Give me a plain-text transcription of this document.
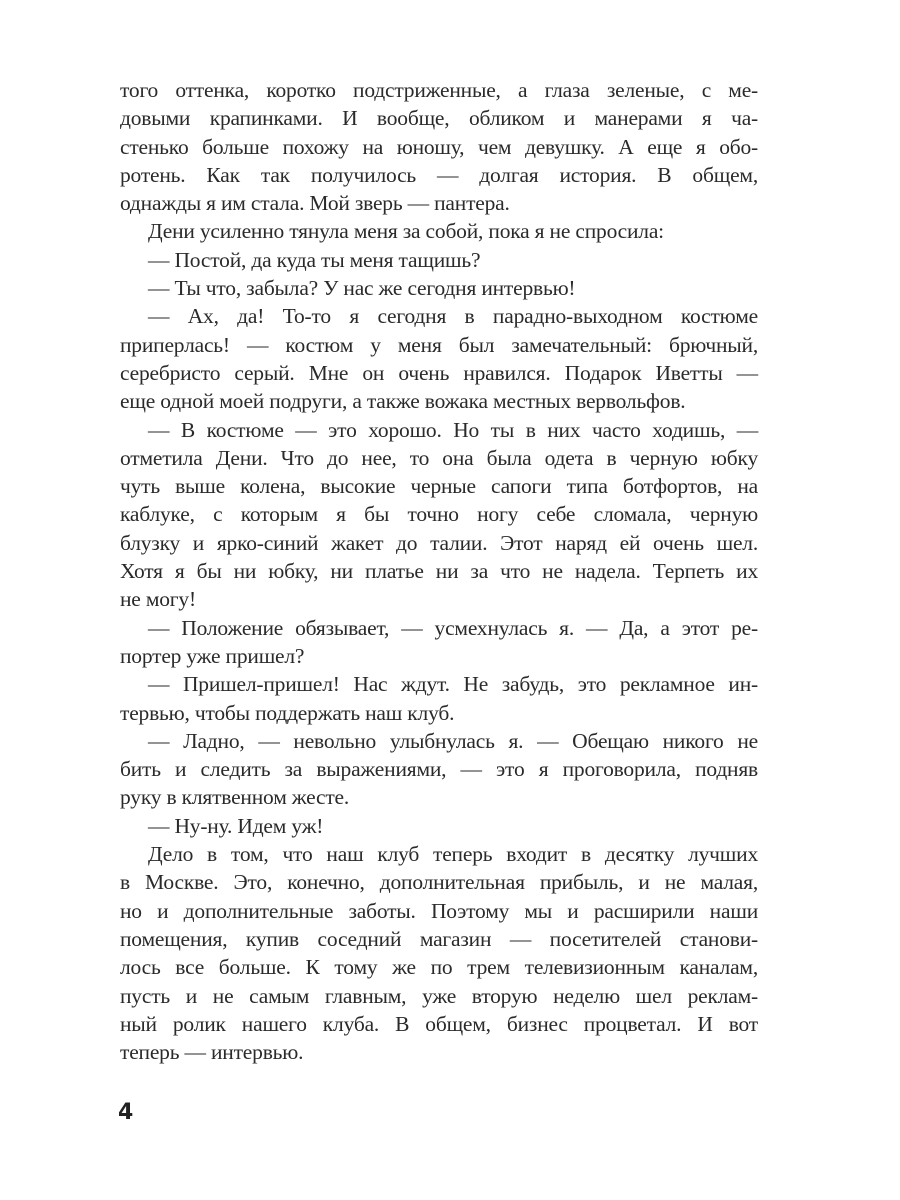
того оттенка, коротко подстриженные, а глаза зеленые, с ме-
довыми крапинками. И вообще, обликом и манерами я ча-
стенько больше похожу на юношу, чем девушку. А еще я обо-
ротень. Как так получилось — долгая история. В общем,
однажды я им стала. Мой зверь — пантера.
Дени усиленно тянула меня за собой, пока я не спросила:
— Постой, да куда ты меня тащишь?
— Ты что, забыла? У нас же сегодня интервью!
— Ах, да! То-то я сегодня в парадно-выходном костюме
приперлась! — костюм у меня был замечательный: брючный,
серебристо серый. Мне он очень нравился. Подарок Иветты —
еще одной моей подруги, а также вожака местных вервольфов.
— В костюме — это хорошо. Но ты в них часто ходишь, —
отметила Дени. Что до нее, то она была одета в черную юбку
чуть выше колена, высокие черные сапоги типа ботфортов, на
каблуке, с которым я бы точно ногу себе сломала, черную
блузку и ярко-синий жакет до талии. Этот наряд ей очень шел.
Хотя я бы ни юбку, ни платье ни за что не надела. Терпеть их
не могу!
— Положение обязывает, — усмехнулась я. — Да, а этот ре-
портер уже пришел?
— Пришел-пришел! Нас ждут. Не забудь, это рекламное ин-
тервью, чтобы поддержать наш клуб.
— Ладно, — невольно улыбнулась я. — Обещаю никого не
бить и следить за выражениями, — это я проговорила, подняв
руку в клятвенном жесте.
— Ну-ну. Идем уж!
Дело в том, что наш клуб теперь входит в десятку лучших
в Москве. Это, конечно, дополнительная прибыль, и не малая,
но и дополнительные заботы. Поэтому мы и расширили наши
помещения, купив соседний магазин — посетителей станови-
лось все больше. К тому же по трем телевизионным каналам,
пусть и не самым главным, уже вторую неделю шел реклам-
ный ролик нашего клуба. В общем, бизнес процветал. И вот
теперь — интервью.
4
